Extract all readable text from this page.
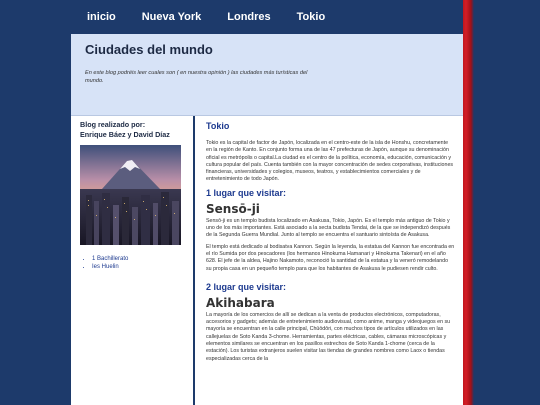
inicio Nueva York Londres Tokio
Ciudades del mundo

En este blog podréis leer cuales son ( en nuestra opinión ) las ciudades más turísticas del mundo.

Blog realizado por:
Enrique Báez y David Díaz
• 1 Bachillerato
• Ies Huelin
Tokio

Tokio es la capital de factor de Japón, localizada en el centro-este de la isla de Honshu, concretamente en la región de Kanto. En conjunto forma una de las 47 prefecturas de Japón, aunque su denominación oficial es metrópolis o capital.La ciudad es el centro de la política, economía, educación, comunicación y cultura popular del país. Cuenta también con la mayor concentración de sedes corporativas, instituciones financieras, universidades y colegios, museos, teatros, y establecimientos comerciales y de entretenimiento de todo Japón.

1 lugar que visitar:
Sensō-ji

Sensō-ji es un templo budista localizado en Asakusa, Tokio, Japón. Es el templo más antiguo de Tokio y uno de los más importantes. Está asociado a la secta budista Tendai, de la que se independizó después de la Segunda Guerra Mundial. Junto al templo se encuentra el santuario sintoísta de Asakusa.

El templo está dedicado al bodisatva Kannon. Según la leyenda, la estatua del Kannon fue encontrada en el río Sumida por dos pescadores (los hermanos Hinokuma Hamanari y Hinokuma Takenari) en el año 628. El jefe de la aldea, Hajino Nakamoto, reconoció la santidad de la estatua y la veneró remodelando su propia casa en un pequeño templo para que los habitantes de Asakusa le pudiesen rendir culto.

2 lugar que visitar:
Akihabara

La mayoría de los comercios de allí se dedican a la venta de productos electrónicos, computadoras, accesorios y gadgets; además de entretenimiento audiovisual, como anime, manga y videojuegos en su mayoría se encuentran en la calle principal, Chūōdōri, con muchos tipos de artículos utilizados en las callejuelas de Soto Kanda 3-chome. Herramientas, partes eléctricas, cables, cámaras microscópicas y elementos similares se encuentran en los pasillos estrechos de Soto Kanda 1-chome (cerca de la estación). Los turistas extranjeros suelen visitar las tiendas de grandes nombres como Laox o tiendas especializadas cerca de la
